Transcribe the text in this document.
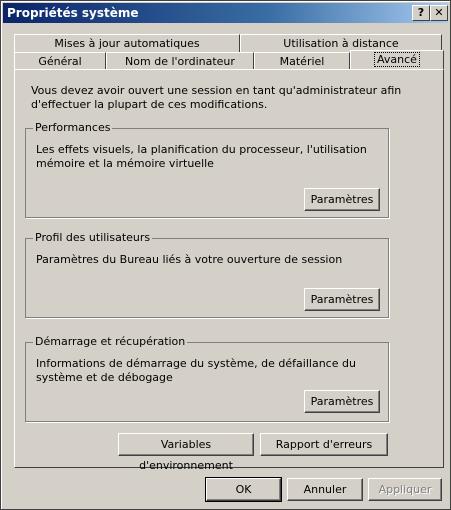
Propriétés système	? ✕
Mises à jour automatiques	Utilisation à distance
Général	Nom de l'ordinateur	Matériel	Avancé
Vous devez avoir ouvert une session en tant qu'administrateur afin d'effectuer la plupart de ces modifications.
Performances
Les effets visuels, la planification du processeur, l'utilisation mémoire et la mémoire virtuelle
Paramètres
Profil des utilisateurs
Paramètres du Bureau liés à votre ouverture de session
Paramètres
Démarrage et récupération
Informations de démarrage du système, de défaillance du système et de débogage
Paramètres
Variables d'environnement
Rapport d'erreurs
OK	Annuler	Appliquer
